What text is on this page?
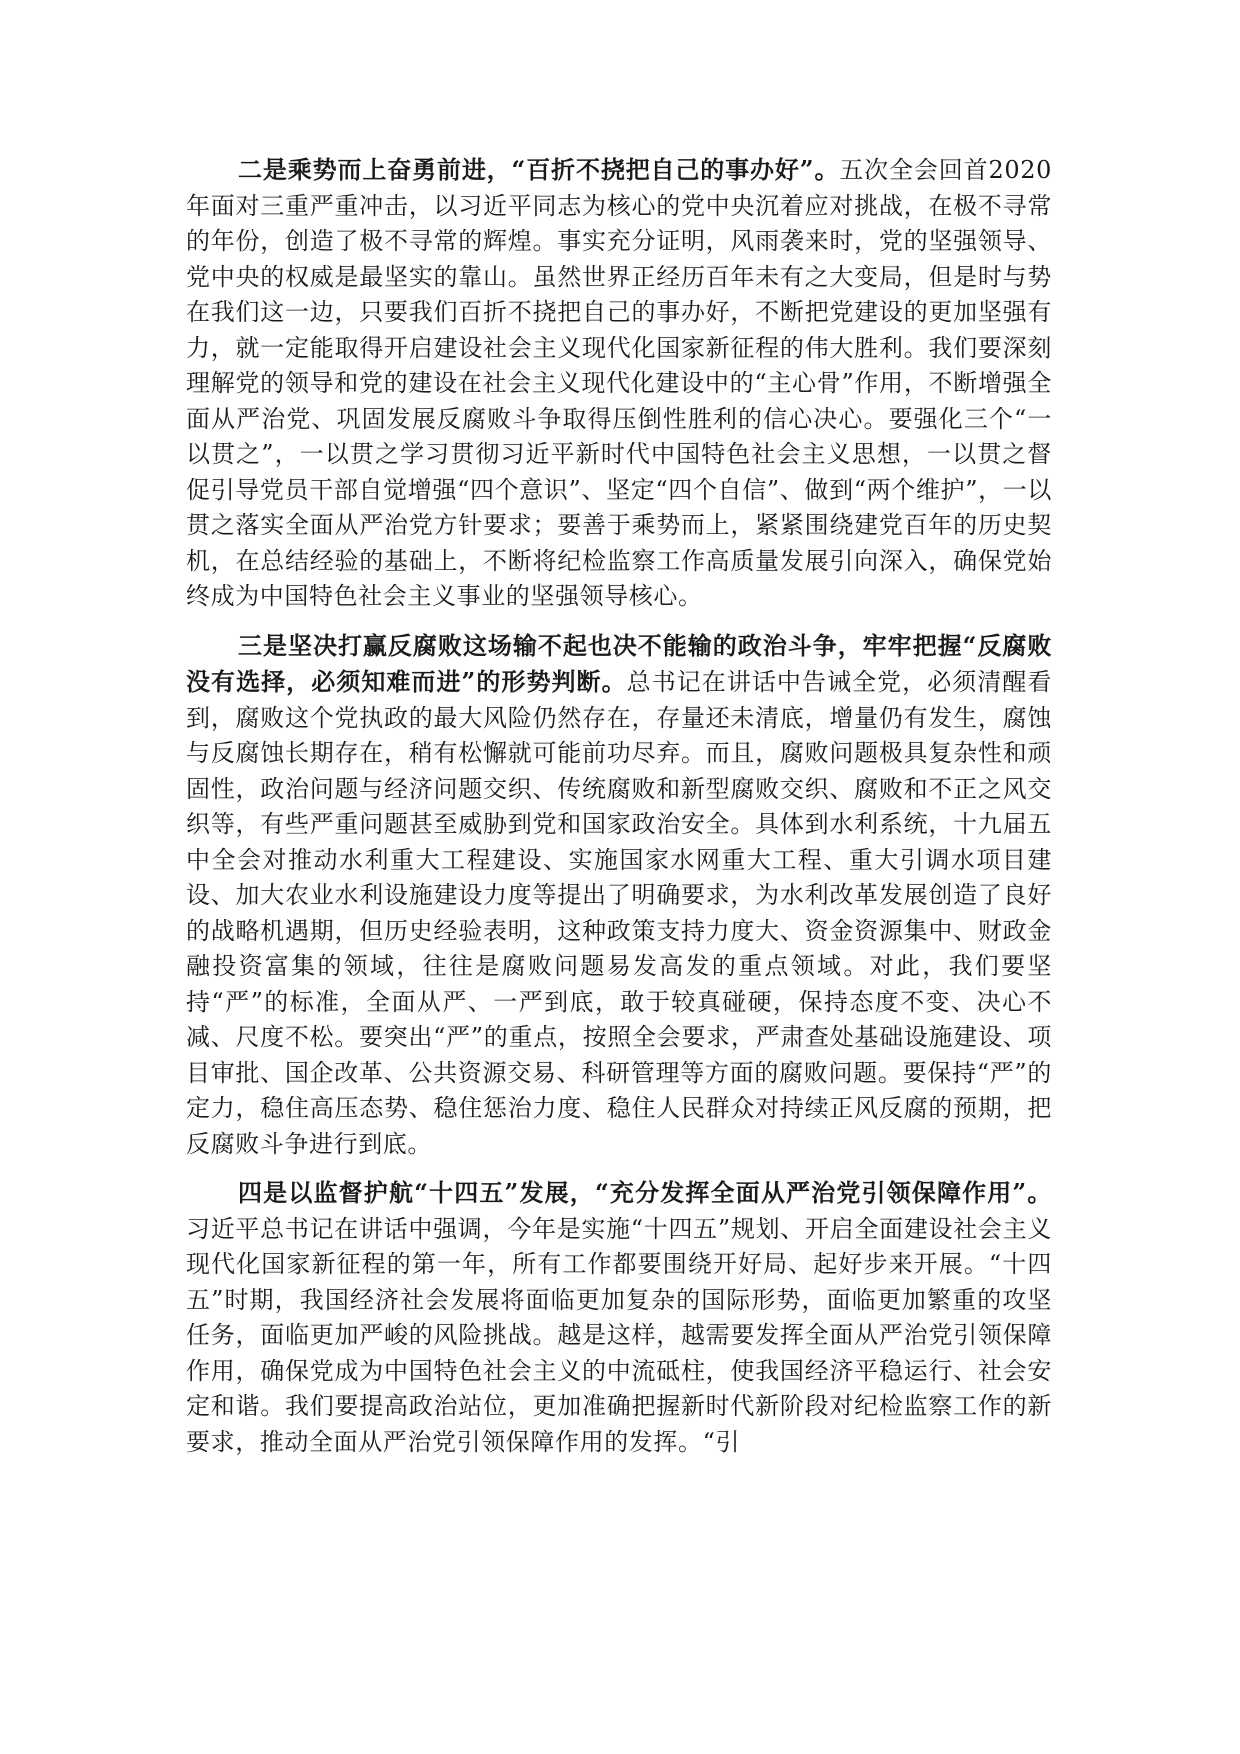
二是乘势而上奋勇前进，“百折不挠把自己的事办好”。五次全会回首2020年面对三重严重冲击，以习近平同志为核心的党中央沉着应对挑战，在极不寻常的年份，创造了极不寻常的辉煌。事实充分证明，风雨袭来时，党的坚强领导、党中央的权威是最坚实的靠山。虽然世界正经历百年未有之大变局，但是时与势在我们这一边，只要我们百折不挠把自己的事办好，不断把党建设的更加坚强有力，就一定能取得开启建设社会主义现代化国家新征程的伟大胜利。我们要深刻理解党的领导和党的建设在社会主义现代化建设中的“主心骨”作用，不断增强全面从严治党、巩固发展反腐败斗争取得压倒性胜利的信心决心。要强化三个“一以贯之”，一以贯之学习贯彻习近平新时代中国特色社会主义思想，一以贯之督促引导党员干部自觉增强“四个意识”、坚定“四个自信”、做到“两个维护”，一以贯之落实全面从严治党方针要求；要善于乘势而上，紧紧围绕建党百年的历史契机，在总结经验的基础上，不断将纪检监察工作高质量发展引向深入，确保党始终成为中国特色社会主义事业的坚强领导核心。

三是坚决打赢反腐败这场输不起也决不能输的政治斗争，牢牢把握“反腐败没有选择，必须知难而进”的形势判断。总书记在讲话中告诫全党，必须清醒看到，腐败这个党执政的最大风险仍然存在，存量还未清底，增量仍有发生，腐蚀与反腐蚀长期存在，稍有松懈就可能前功尽弃。而且，腐败问题极具复杂性和顽固性，政治问题与经济问题交织、传统腐败和新型腐败交织、腐败和不正之风交织等，有些严重问题甚至威胁到党和国家政治安全。具体到水利系统，十九届五中全会对推动水利重大工程建设、实施国家水网重大工程、重大引调水项目建设、加大农业水利设施建设力度等提出了明确要求，为水利改革发展创造了良好的战略机遇期，但历史经验表明，这种政策支持力度大、资金资源集中、财政金融投资富集的领域，往往是腐败问题易发高发的重点领域。对此，我们要坚持“严”的标准，全面从严、一严到底，敢于较真碰硬，保持态度不变、决心不减、尺度不松。要突出“严”的重点，按照全会要求，严肃查处基础设施建设、项目审批、国企改革、公共资源交易、科研管理等方面的腐败问题。要保持“严”的定力，稳住高压态势、稳住惩治力度、稳住人民群众对持续正风反腐的预期，把反腐败斗争进行到底。

四是以监督护航“十四五”发展，“充分发挥全面从严治党引领保障作用”。习近平总书记在讲话中强调，今年是实施“十四五”规划、开启全面建设社会主义现代化国家新征程的第一年，所有工作都要围绕开好局、起好步来开展。“十四五”时期，我国经济社会发展将面临更加复杂的国际形势，面临更加繁重的攻坚任务，面临更加严峻的风险挑战。越是这样，越需要发挥全面从严治党引领保障作用，确保党成为中国特色社会主义的中流砥柱，使我国经济平稳运行、社会安定和谐。我们要提高政治站位，更加准确把握新时代新阶段对纪检监察工作的新要求，推动全面从严治党引领保障作用的发挥。“引
